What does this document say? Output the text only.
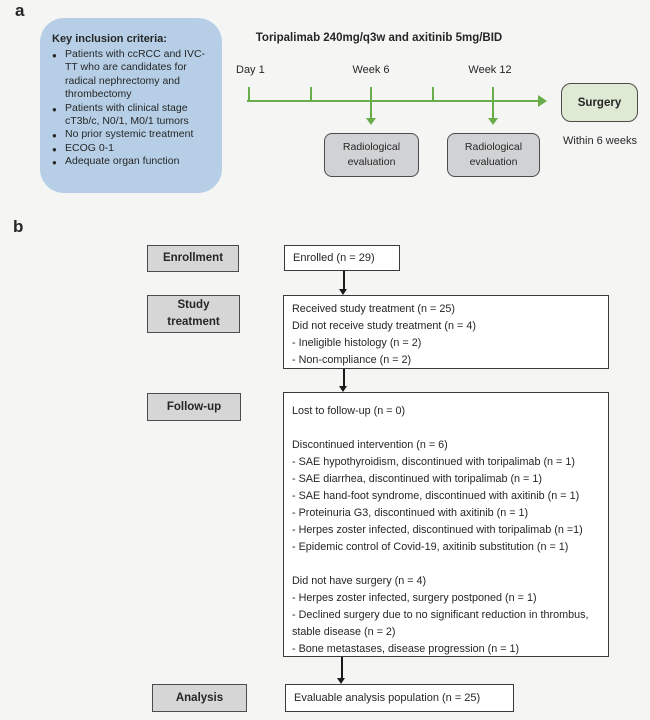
a
Key inclusion criteria:
● Patients with ccRCC and IVC-TT who are candidates for radical nephrectomy and thrombectomy
● Patients with clinical stage cT3b/c, N0/1, M0/1 tumors
● No prior systemic treatment
● ECOG 0-1
● Adequate organ function
Toripalimab 240mg/q3w and axitinib 5mg/BID
Day 1	Week 6	Week 12
Radiological evaluation
Radiological evaluation
Surgery
Within 6 weeks
b
Enrollment
Study treatment
Follow-up
Analysis
Enrolled (n = 29)
Received study treatment (n = 25)
Did not receive study treatment (n = 4)
- Ineligible histology (n = 2)
- Non-compliance (n = 2)
Lost to follow-up (n = 0)
Discontinued intervention (n = 6)
- SAE hypothyroidism, discontinued with toripalimab (n = 1)
- SAE diarrhea, discontinued with toripalimab (n = 1)
- SAE hand-foot syndrome, discontinued with axitinib (n = 1)
- Proteinuria G3, discontinued with axitinib (n = 1)
- Herpes zoster infected, discontinued with toripalimab (n =1)
- Epidemic control of Covid-19, axitinib substitution (n = 1)
Did not have surgery (n = 4)
- Herpes zoster infected, surgery postponed (n = 1)
- Declined surgery due to no significant reduction in thrombus,
stable disease (n = 2)
- Bone metastases, disease progression (n = 1)
Evaluable analysis population (n = 25)
